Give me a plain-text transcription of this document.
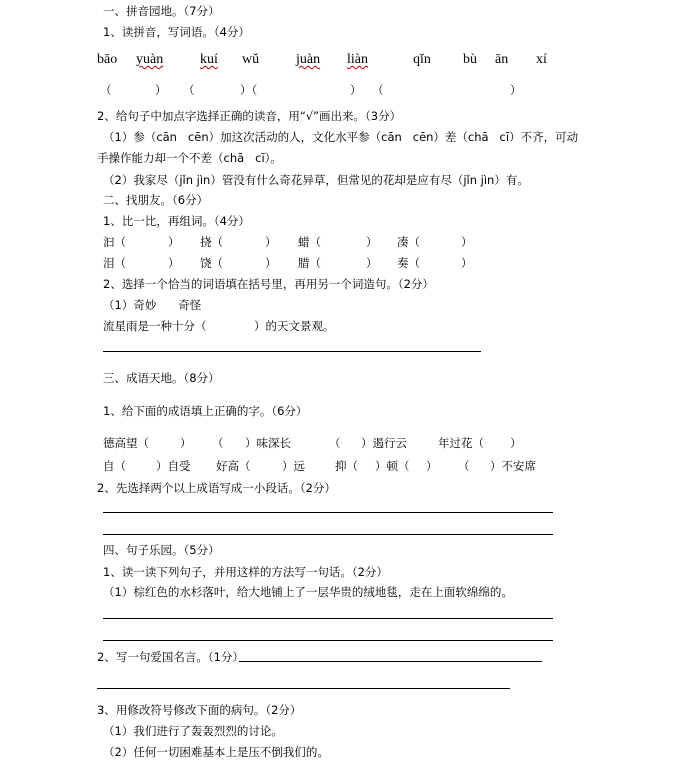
一、拼音园地。（7分）
1、读拼音，写词语。（4分）
bāo yuàn	kuí wǔ	juàn liàn	qǐn bù ān xí
（	） （	）（	） （	）
2、给句子中加点字选择正确的读音，用“√”画出来。（3分）
（1）参（cān   cēn）加这次活动的人，文化水平参（cān   cēn）差（chā   cī）不齐，可动
手操作能力却一个不差（chā   cī）。
（2）我家尽（jǐn jìn）管没有什么奇花异草，但常见的花却是应有尽（jǐn jìn）有。
二、找朋友。（6分）
1、比一比，再组词。（4分）
汩（	） 挠（	） 蜡（	） 凑（	）
泪（	） 饶（	） 腊（	） 奏（	）
2、选择一个恰当的词语填在括号里，再用另一个词造句。（2分）
（1）奇妙      奇怪
流星雨是一种十分（             ）的天文景观。
三、成语天地。（8分）
1、给下面的成语填上正确的字。（6分）
德高望（	） （ ）味深长	（ ）遏行云	年过花（ ）
自（	）自受 好高（	）远	抑（ ）顿（ ） （ ）不安席
2、先选择两个以上成语写成一小段话。（2分）
四、句子乐园。（5分）
1、读一读下列句子，并用这样的方法写一句话。（2分）
（1）棕红色的水杉落叶，给大地铺上了一层华贵的绒地毯，走在上面软绵绵的。
2、写一句爱国名言。（1分）
3、用修改符号修改下面的病句。（2分）
（1）我们进行了轰轰烈烈的讨论。
（2）任何一切困难基本上是压不倒我们的。
